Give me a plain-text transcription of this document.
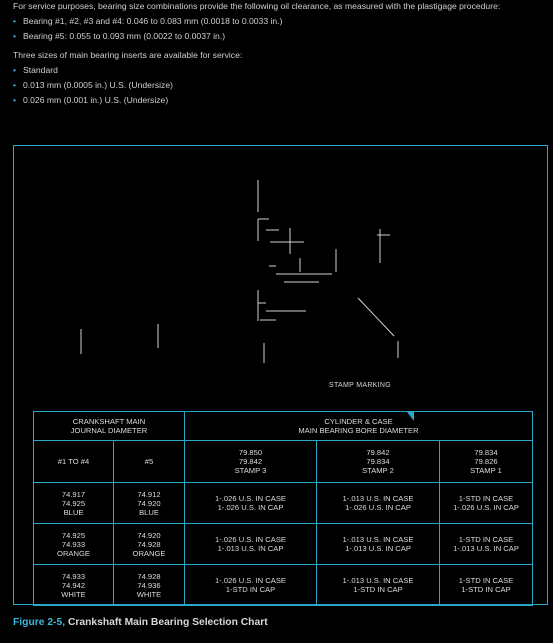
For service purposes, bearing size combinations provide the following oil clearance, as measured with the plastigage procedure:

• Bearing #1, #2, #3 and #4: 0.046 to 0.083 mm (0.0018 to 0.0033 in.)
• Bearing #5: 0.055 to 0.093 mm (0.0022 to 0.0037 in.)

Three sizes of main bearing inserts are available for service:

• Standard
• 0.013 mm (0.0005 in.) U.S. (Undersize)
• 0.026 mm (0.001 in.) U.S. (Undersize)
STAMP MARKING
CRANKSHAFT MAIN
JOURNAL DIAMETER		CYLINDER & CASE
MAIN BEARING BORE DIAMETER		

#1 TO #4	#5	79.850
79.842
STAMP 3	79.842
79.834
STAMP 2	79.834
79.826
STAMP 1

74.917
74.925
BLUE	74.912
74.920
BLUE	1-.026 U.S. IN CASE
1-.026 U.S. IN CAP	1-.013 U.S. IN CASE
1-.026 U.S. IN CAP	1-STD IN CASE
1-.026 U.S. IN CAP

74.925
74.933
ORANGE	74.920
74.928
ORANGE	1-.026 U.S. IN CASE
1-.013 U.S. IN CAP	1-.013 U.S. IN CASE
1-.013 U.S. IN CAP	1-STD IN CASE
1-.013 U.S. IN CAP

74.933
74.942
WHITE	74.928
74.936
WHITE	1-.026 U.S. IN CASE
1-STD IN CAP	1-.013 U.S. IN CASE
1-STD IN CAP	1-STD IN CASE
1-STD IN CAP
Figure 2-5, Crankshaft Main Bearing Selection Chart
